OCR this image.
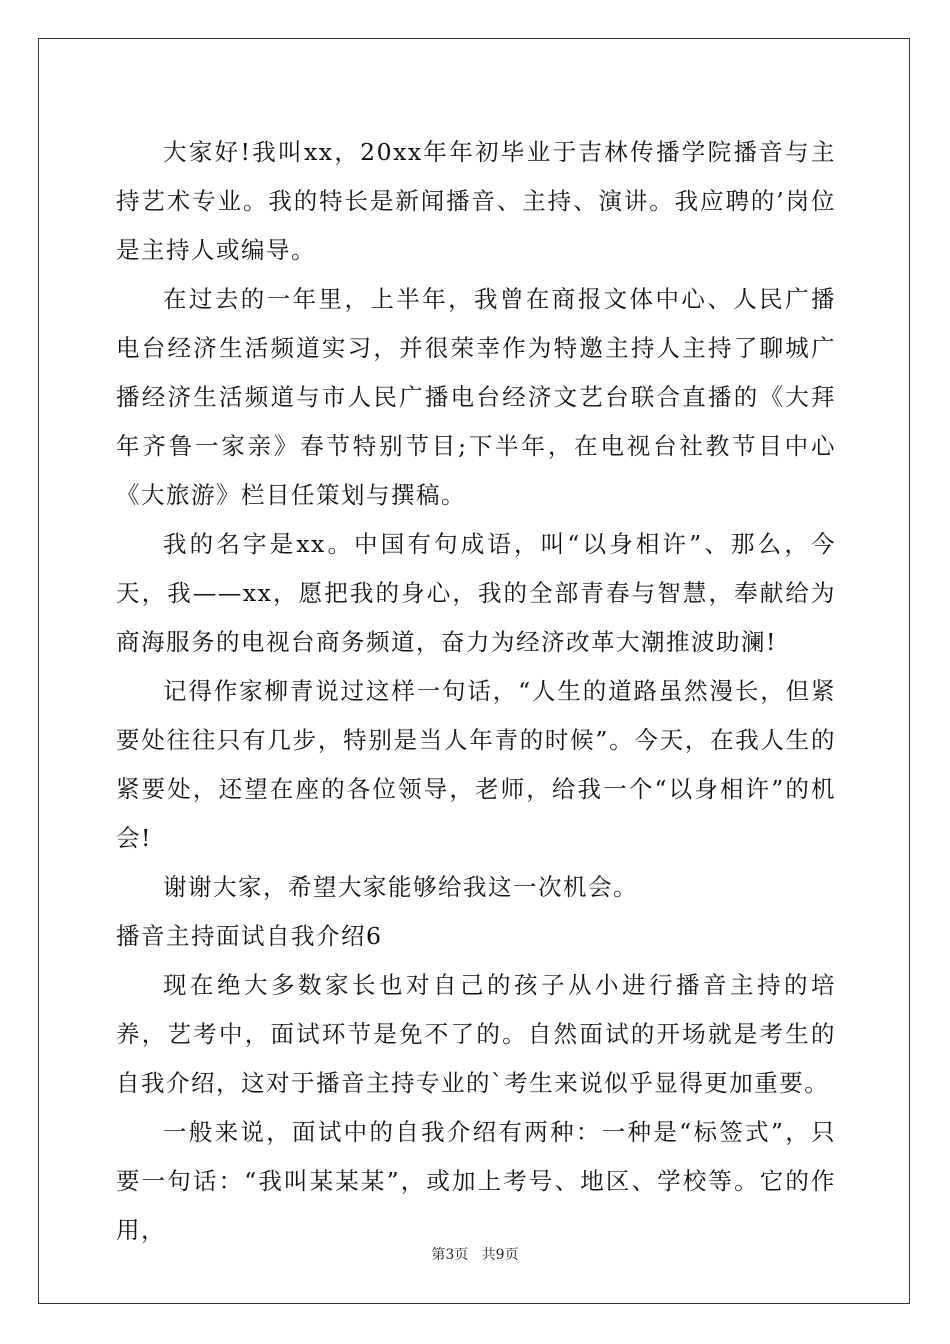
大家好!我叫xx，20xx年年初毕业于吉林传播学院播音与主持艺术专业。我的特长是新闻播音、主持、演讲。我应聘的’岗位是主持人或编导。

在过去的一年里，上半年，我曾在商报文体中心、人民广播电台经济生活频道实习，并很荣幸作为特邀主持人主持了聊城广播经济生活频道与市人民广播电台经济文艺台联合直播的《大拜年齐鲁一家亲》春节特别节目;下半年，在电视台社教节目中心《大旅游》栏目任策划与撰稿。

我的名字是xx。中国有句成语，叫“以身相许”、那么，今天，我——xx，愿把我的身心，我的全部青春与智慧，奉献给为商海服务的电视台商务频道，奋力为经济改革大潮推波助澜!

记得作家柳青说过这样一句话，“人生的道路虽然漫长，但紧要处往往只有几步，特别是当人年青的时候”。今天，在我人生的紧要处，还望在座的各位领导，老师，给我一个“以身相许”的机会!

谢谢大家，希望大家能够给我这一次机会。

播音主持面试自我介绍6

现在绝大多数家长也对自己的孩子从小进行播音主持的培养，艺考中，面试环节是免不了的。自然面试的开场就是考生的自我介绍，这对于播音主持专业的`考生来说似乎显得更加重要。

一般来说，面试中的自我介绍有两种：一种是“标签式”，只要一句话：“我叫某某某”，或加上考号、地区、学校等。它的作用，

第3页 共9页
